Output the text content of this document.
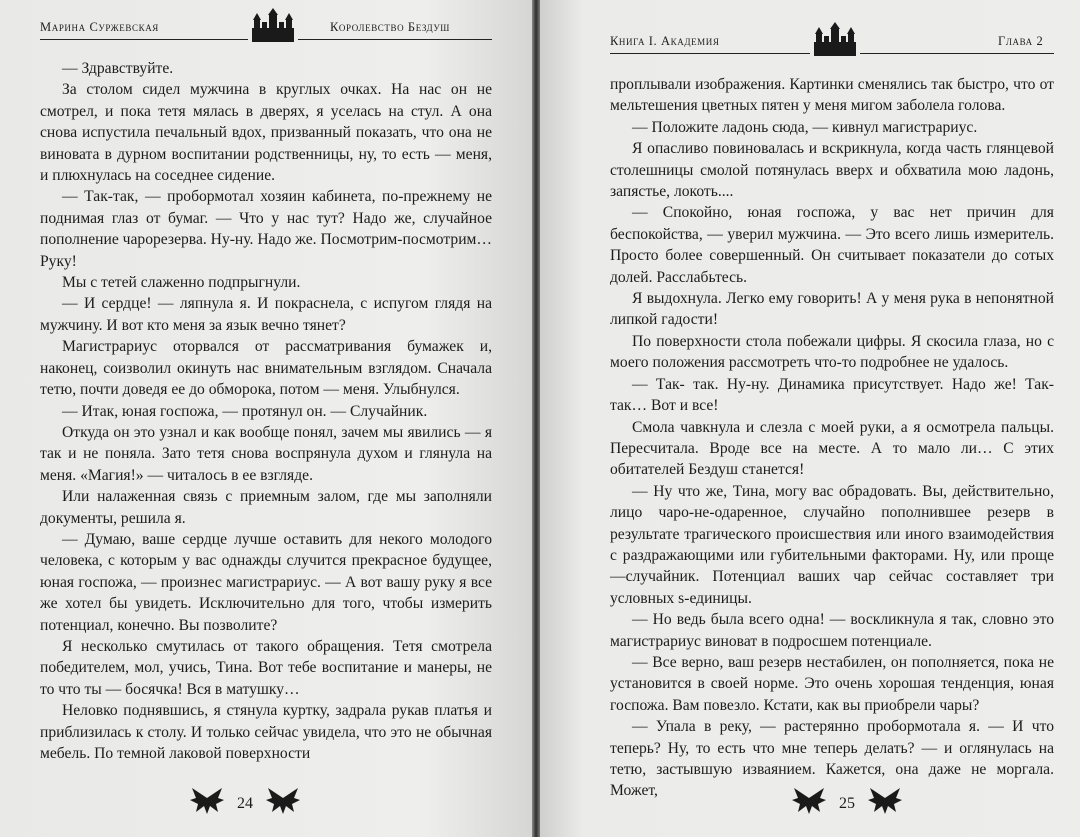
Марина Суржевская	Королевство Бездуш

— Здравствуйте.

За столом сидел мужчина в круглых очках. На нас он не смотрел, и пока тетя мялась в дверях, я уселась на стул. А она снова испустила печальный вдох, призванный показать, что она не виновата в дурном воспитании родственницы, ну, то есть — меня, и плюхнулась на соседнее сидение.

— Так-так, — пробормотал хозяин кабинета, по-прежнему не поднимая глаз от бумаг. — Что у нас тут? Надо же, случайное пополнение чарорезерва. Ну-ну. Надо же. Посмотрим-посмотрим… Руку!

Мы с тетей слаженно подпрыгнули.

— И сердце! — ляпнула я. И покраснела, с испугом глядя на мужчину. И вот кто меня за язык вечно тянет?

Магистрариус оторвался от рассматривания бумажек и, наконец, соизволил окинуть нас внимательным взглядом. Сначала тетю, почти доведя ее до обморока, потом — меня. Улыбнулся.

— Итак, юная госпожа, — протянул он. — Случайник.

Откуда он это узнал и как вообще понял, зачем мы явились — я так и не поняла. Зато тетя снова воспрянула духом и глянула на меня. «Магия!» — читалось в ее взгляде.

Или налаженная связь с приемным залом, где мы заполняли документы, решила я.

— Думаю, ваше сердце лучше оставить для некого молодого человека, с которым у вас однажды случится прекрасное будущее, юная госпожа, — произнес магистрариус. — А вот вашу руку я все же хотел бы увидеть. Исключительно для того, чтобы измерить потенциал, конечно. Вы позволите?

Я несколько смутилась от такого обращения. Тетя смотрела победителем, мол, учись, Тина. Вот тебе воспитание и манеры, не то что ты — босячка! Вся в матушку…

Неловко поднявшись, я стянула куртку, задрала рукав платья и приблизилась к столу. И только сейчас увидела, что это не обычная мебель. По темной лаковой поверхности

24
Книга I. Академия	Глава 2

проплывали изображения. Картинки сменялись так быстро, что от мельтешения цветных пятен у меня мигом заболела голова.

— Положите ладонь сюда, — кивнул магистрариус.

Я опасливо повиновалась и вскрикнула, когда часть глянцевой столешницы смолой потянулась вверх и обхватила мою ладонь, запястье, локоть....

— Спокойно, юная госпожа, у вас нет причин для беспокойства, — уверил мужчина. — Это всего лишь измеритель. Просто более совершенный. Он считывает показатели до сотых долей. Расслабьтесь.

Я выдохнула. Легко ему говорить! А у меня рука в непонятной липкой гадости!

По поверхности стола побежали цифры. Я скосила глаза, но с моего положения рассмотреть что-то подробнее не удалось.

— Так- так. Ну-ну. Динамика присутствует. Надо же! Так-так… Вот и все!

Смола чавкнула и слезла с моей руки, а я осмотрела пальцы. Пересчитала. Вроде все на месте. А то мало ли… С этих обитателей Бездуш станется!

— Ну что же, Тина, могу вас обрадовать. Вы, действительно, лицо чаро-не-одаренное, случайно пополнившее резерв в результате трагического происшествия или иного взаимодействия с раздражающими или губительными факторами. Ну, или проще —случайник. Потенциал ваших чар сейчас составляет три условных s-единицы.

— Но ведь была всего одна! — воскликнула я так, словно это магистрариус виноват в подросшем потенциале.

— Все верно, ваш резерв нестабилен, он пополняется, пока не установится в своей норме. Это очень хорошая тенденция, юная госпожа. Вам повезло. Кстати, как вы приобрели чары?

— Упала в реку, — растерянно пробормотала я. — И что теперь? Ну, то есть что мне теперь делать? — и оглянулась на тетю, застывшую изваянием. Кажется, она даже не моргала. Может,

25
